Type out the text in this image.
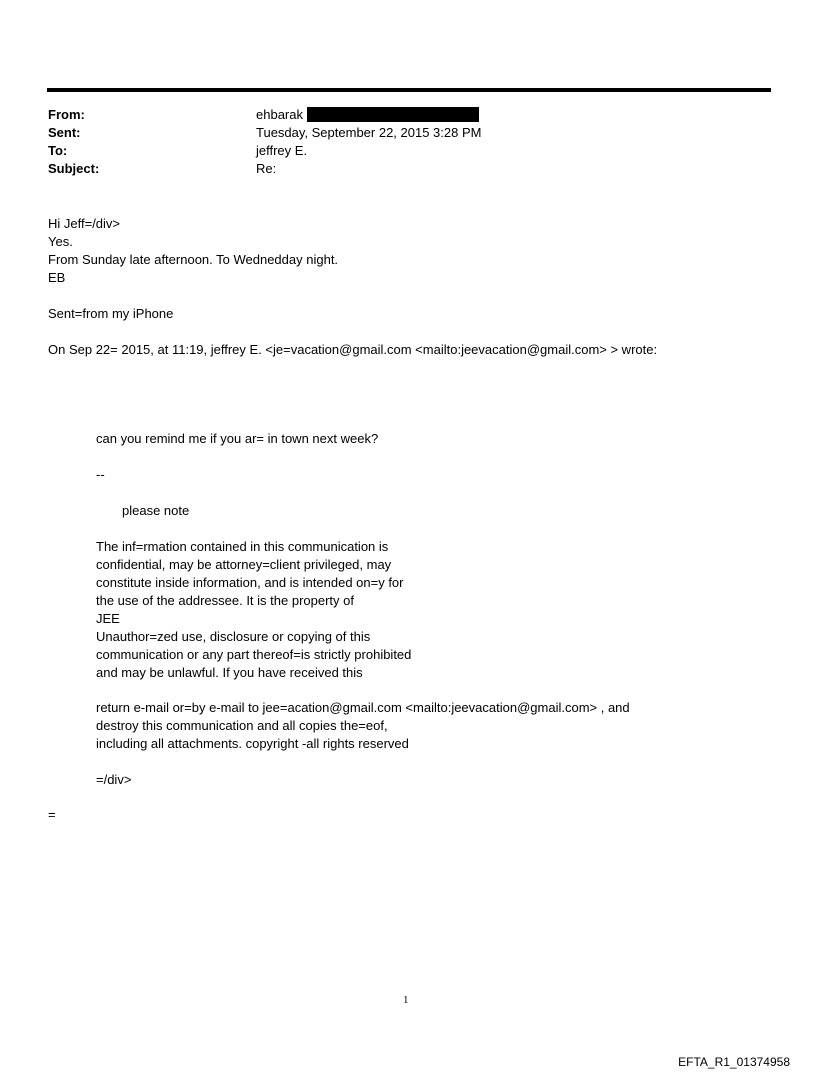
From:	ehbarak
Sent:	Tuesday, September 22, 2015 3:28 PM
To:	jeffrey E.
Subject:	Re:
Hi Jeff=/div>
Yes.
From Sunday late afternoon. To Wednedday night.
EB
Sent=from my iPhone
On Sep 22= 2015, at 11:19, jeffrey E. <je=vacation@gmail.com <mailto:jeevacation@gmail.com> > wrote:
can you remind me if you ar= in town next week?
--
please note
The inf=rmation contained in this communication is
confidential, may be attorney=client privileged, may
constitute inside information, and is intended on=y for
the use of the addressee. It is the property of
JEE
Unauthor=zed use, disclosure or copying of this
communication or any part thereof=is strictly prohibited
and may be unlawful. If you have received this
return e-mail or=by e-mail to jee=acation@gmail.com <mailto:jeevacation@gmail.com> , and
destroy this communication and all copies the=eof,
including all attachments. copyright -all rights reserved
=/div>
=
1
EFTA_R1_01374958
